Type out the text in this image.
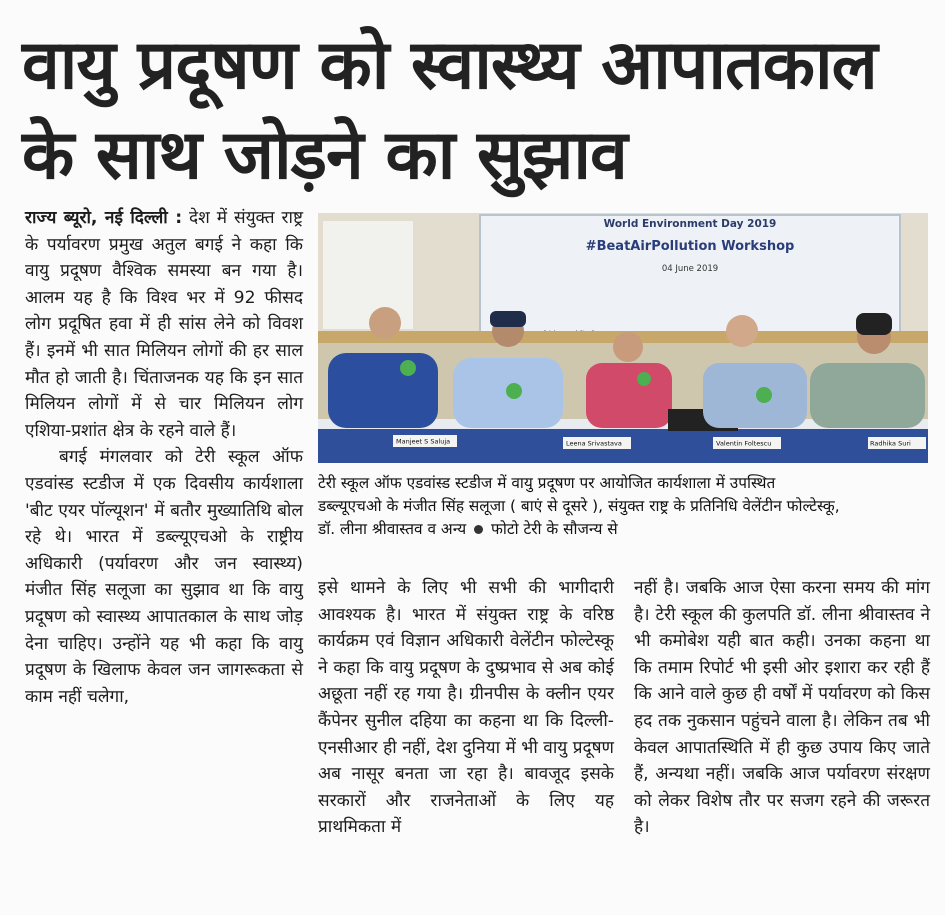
वायु प्रदूषण को स्वास्थ्य आपातकाल
के साथ जोड़ने का सुझाव

राज्य ब्यूरो, नई दिल्ली : देश में संयुक्त राष्ट्र के पर्यावरण प्रमुख अतुल बगई ने कहा कि वायु प्रदूषण वैश्विक समस्या बन गया है। आलम यह है कि विश्व भर में 92 फीसद लोग प्रदूषित हवा में ही सांस लेने को विवश हैं। इनमें भी सात मिलियन लोगों की हर साल मौत हो जाती है। चिंताजनक यह कि इन सात मिलियन लोगों में से चार मिलियन लोग एशिया-प्रशांत क्षेत्र के रहने वाले हैं।

बगई मंगलवार को टेरी स्कूल ऑफ एडवांस्ड स्टडीज में एक दिवसीय कार्यशाला 'बीट एयर पॉल्यूशन' में बतौर मुख्यातिथि बोल रहे थे। भारत में डब्ल्यूएचओ के राष्ट्रीय अधिकारी (पर्यावरण और जन स्वास्थ्य) मंजीत सिंह सलूजा का सुझाव था कि वायु प्रदूषण को स्वास्थ्य आपातकाल के साथ जोड़ देना चाहिए। उन्होंने यह भी कहा कि वायु प्रदूषण के खिलाफ केवल जन जागरूकता से काम नहीं चलेगा,

World Environment Day 2019
#BeatAirPollution Workshop
04 June 2019
Manjeet S Saluja	Leena Srivastava	Valentin Foltescu	Radhika Suri

टेरी स्कूल ऑफ एडवांस्ड स्टडीज में वायु प्रदूषण पर आयोजित कार्यशाला में उपस्थित

डब्ल्यूएचओ के मंजीत सिंह सलूजा ( बाएं से दूसरे ), संयुक्त राष्ट्र के प्रतिनिधि वेलेंटीन फोल्टेस्कू,

डॉ. लीना श्रीवास्तव व अन्य फोटो टेरी के सौजन्य से

इसे थामने के लिए भी सभी की भागीदारी आवश्यक है। भारत में संयुक्त राष्ट्र के वरिष्ठ कार्यक्रम एवं विज्ञान अधिकारी वेलेंटीन फोल्टेस्कू ने कहा कि वायु प्रदूषण के दुष्प्रभाव से अब कोई अछूता नहीं रह गया है। ग्रीनपीस के क्लीन एयर कैंपेनर सुनील दहिया का कहना था कि दिल्ली-एनसीआर ही नहीं, देश दुनिया में भी वायु प्रदूषण अब नासूर बनता जा रहा है। बावजूद इसके सरकारों और राजनेताओं के लिए यह प्राथमिकता में

नहीं है। जबकि आज ऐसा करना समय की मांग है। टेरी स्कूल की कुलपति डॉ. लीना श्रीवास्तव ने भी कमोबेश यही बात कही। उनका कहना था कि तमाम रिपोर्ट भी इसी ओर इशारा कर रही हैं कि आने वाले कुछ ही वर्षों में पर्यावरण को किस हद तक नुकसान पहुंचने वाला है। लेकिन तब भी केवल आपातस्थिति में ही कुछ उपाय किए जाते हैं, अन्यथा नहीं। जबकि आज पर्यावरण संरक्षण को लेकर विशेष तौर पर सजग रहने की जरूरत है।
